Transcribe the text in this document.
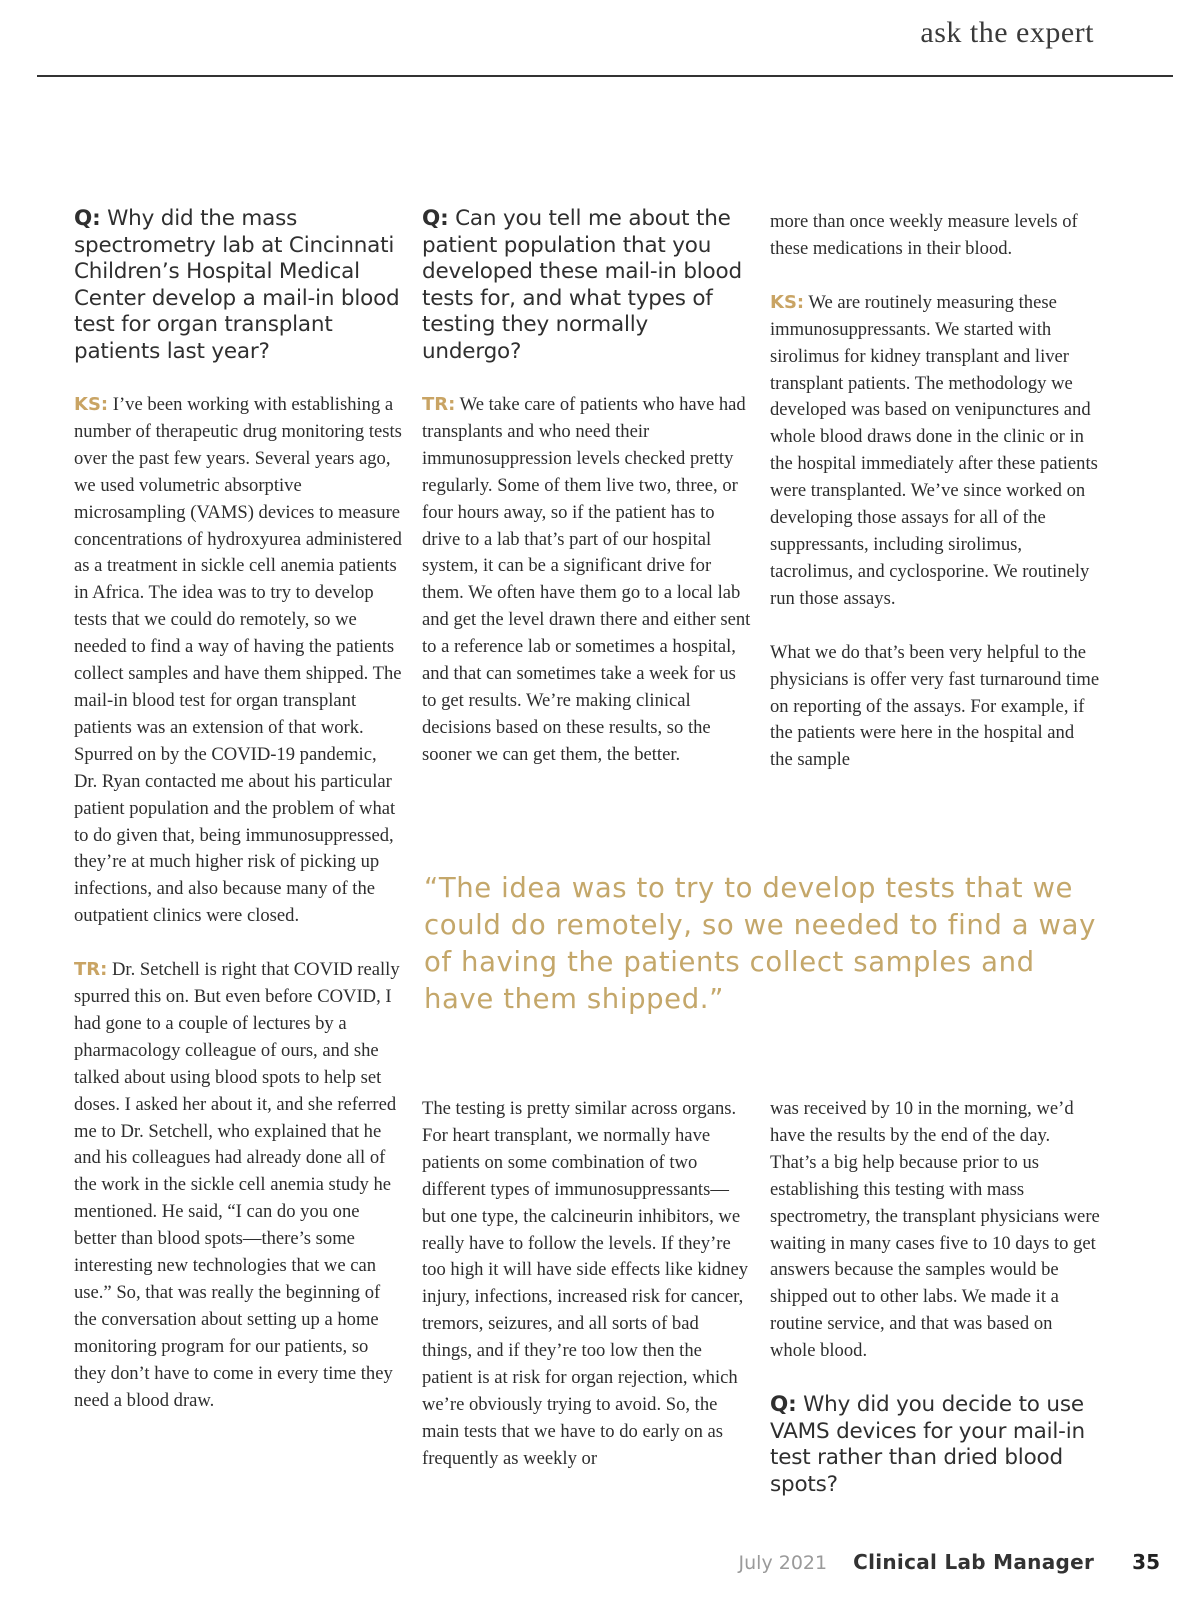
ask the expert
Q: Why did the mass spectrometry lab at Cincinnati Children’s Hospital Medical Center develop a mail-in blood test for organ transplant patients last year?

KS: I’ve been working with establishing a number of therapeutic drug monitoring tests over the past few years. Several years ago, we used volumetric absorptive microsampling (VAMS) devices to measure concentrations of hydroxyurea administered as a treatment in sickle cell anemia patients in Africa. The idea was to try to develop tests that we could do remotely, so we needed to find a way of having the patients collect samples and have them shipped. The mail-in blood test for organ transplant patients was an extension of that work. Spurred on by the COVID-19 pandemic, Dr. Ryan contacted me about his particular patient population and the problem of what to do given that, being immunosuppressed, they’re at much higher risk of picking up infections, and also because many of the outpatient clinics were closed.

TR: Dr. Setchell is right that COVID really spurred this on. But even before COVID, I had gone to a couple of lectures by a pharmacology colleague of ours, and she talked about using blood spots to help set doses. I asked her about it, and she referred me to Dr. Setchell, who explained that he and his colleagues had already done all of the work in the sickle cell anemia study he mentioned. He said, “I can do you one better than blood spots—there’s some interesting new technologies that we can use.” So, that was really the beginning of the conversation about setting up a home monitoring program for our patients, so they don’t have to come in every time they need a blood draw.

Q: Can you tell me about the patient population that you developed these mail-in blood tests for, and what types of testing they normally undergo?

TR: We take care of patients who have had transplants and who need their immunosuppression levels checked pretty regularly. Some of them live two, three, or four hours away, so if the patient has to drive to a lab that’s part of our hospital system, it can be a significant drive for them. We often have them go to a local lab and get the level drawn there and either sent to a reference lab or sometimes a hospital, and that can sometimes take a week for us to get results. We’re making clinical decisions based on these results, so the sooner we can get them, the better.

more than once weekly measure levels of these medications in their blood.

KS: We are routinely measuring these immunosuppressants. We started with sirolimus for kidney transplant and liver transplant patients. The methodology we developed was based on venipunctures and whole blood draws done in the clinic or in the hospital immediately after these patients were transplanted. We’ve since worked on developing those assays for all of the suppressants, including sirolimus, tacrolimus, and cyclosporine. We routinely run those assays.

What we do that’s been very helpful to the physicians is offer very fast turnaround time on reporting of the assays. For example, if the patients were here in the hospital and the sample

“The idea was to try to develop tests that we could do remotely, so we needed to find a way of having the patients collect samples and have them shipped.”

The testing is pretty similar across organs. For heart transplant, we normally have patients on some combination of two different types of immunosuppressants—but one type, the calcineurin inhibitors, we really have to follow the levels. If they’re too high it will have side effects like kidney injury, infections, increased risk for cancer, tremors, seizures, and all sorts of bad things, and if they’re too low then the patient is at risk for organ rejection, which we’re obviously trying to avoid. So, the main tests that we have to do early on as frequently as weekly or

was received by 10 in the morning, we’d have the results by the end of the day. That’s a big help because prior to us establishing this testing with mass spectrometry, the transplant physicians were waiting in many cases five to 10 days to get answers because the samples would be shipped out to other labs. We made it a routine service, and that was based on whole blood.

Q: Why did you decide to use VAMS devices for your mail-in test rather than dried blood spots?
July 2021 Clinical Lab Manager 35
